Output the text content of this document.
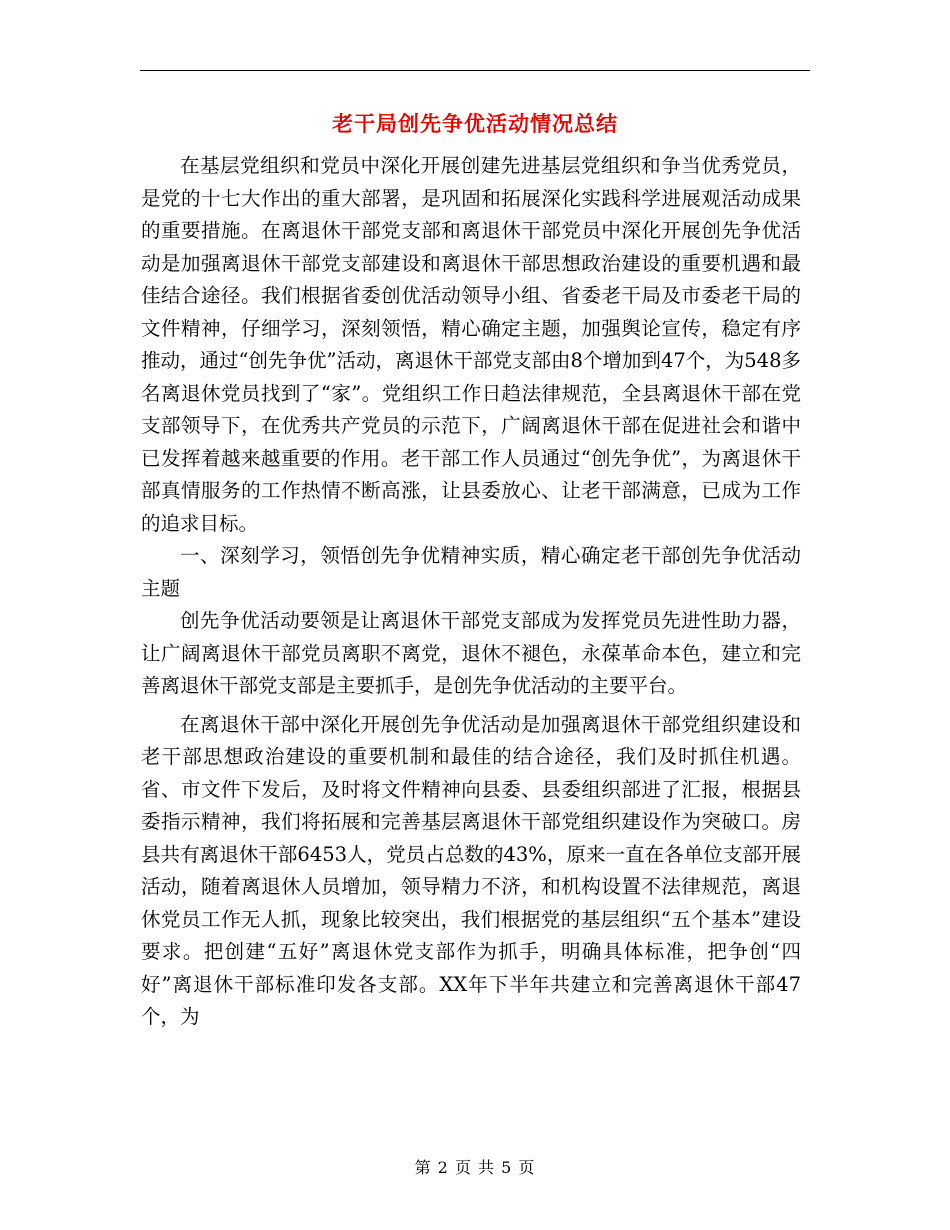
老干局创先争优活动情况总结

在基层党组织和党员中深化开展创建先进基层党组织和争当优秀党员，是党的十七大作出的重大部署，是巩固和拓展深化实践科学进展观活动成果的重要措施。在离退休干部党支部和离退休干部党员中深化开展创先争优活动是加强离退休干部党支部建设和离退休干部思想政治建设的重要机遇和最佳结合途径。我们根据省委创优活动领导小组、省委老干局及市委老干局的文件精神，仔细学习，深刻领悟，精心确定主题，加强舆论宣传，稳定有序推动，通过“创先争优”活动，离退休干部党支部由8个增加到47个，为548多名离退休党员找到了“家”。党组织工作日趋法律规范，全县离退休干部在党支部领导下，在优秀共产党员的示范下，广阔离退休干部在促进社会和谐中已发挥着越来越重要的作用。老干部工作人员通过“创先争优”，为离退休干部真情服务的工作热情不断高涨，让县委放心、让老干部满意，已成为工作的追求目标。

一、深刻学习，领悟创先争优精神实质，精心确定老干部创先争优活动主题

创先争优活动要领是让离退休干部党支部成为发挥党员先进性助力器，让广阔离退休干部党员离职不离党，退休不褪色，永葆革命本色，建立和完善离退休干部党支部是主要抓手，是创先争优活动的主要平台。

在离退休干部中深化开展创先争优活动是加强离退休干部党组织建设和老干部思想政治建设的重要机制和最佳的结合途径，我们及时抓住机遇。省、市文件下发后，及时将文件精神向县委、县委组织部进了汇报，根据县委指示精神，我们将拓展和完善基层离退休干部党组织建设作为突破口。房县共有离退休干部6453人，党员占总数的43%，原来一直在各单位支部开展活动，随着离退休人员增加，领导精力不济，和机构设置不法律规范，离退休党员工作无人抓，现象比较突出，我们根据党的基层组织“五个基本”建设要求。把创建“五好”离退休党支部作为抓手，明确具体标准，把争创“四好”离退休干部标准印发各支部。XX年下半年共建立和完善离退休干部47个，为

第 2 页 共 5 页
